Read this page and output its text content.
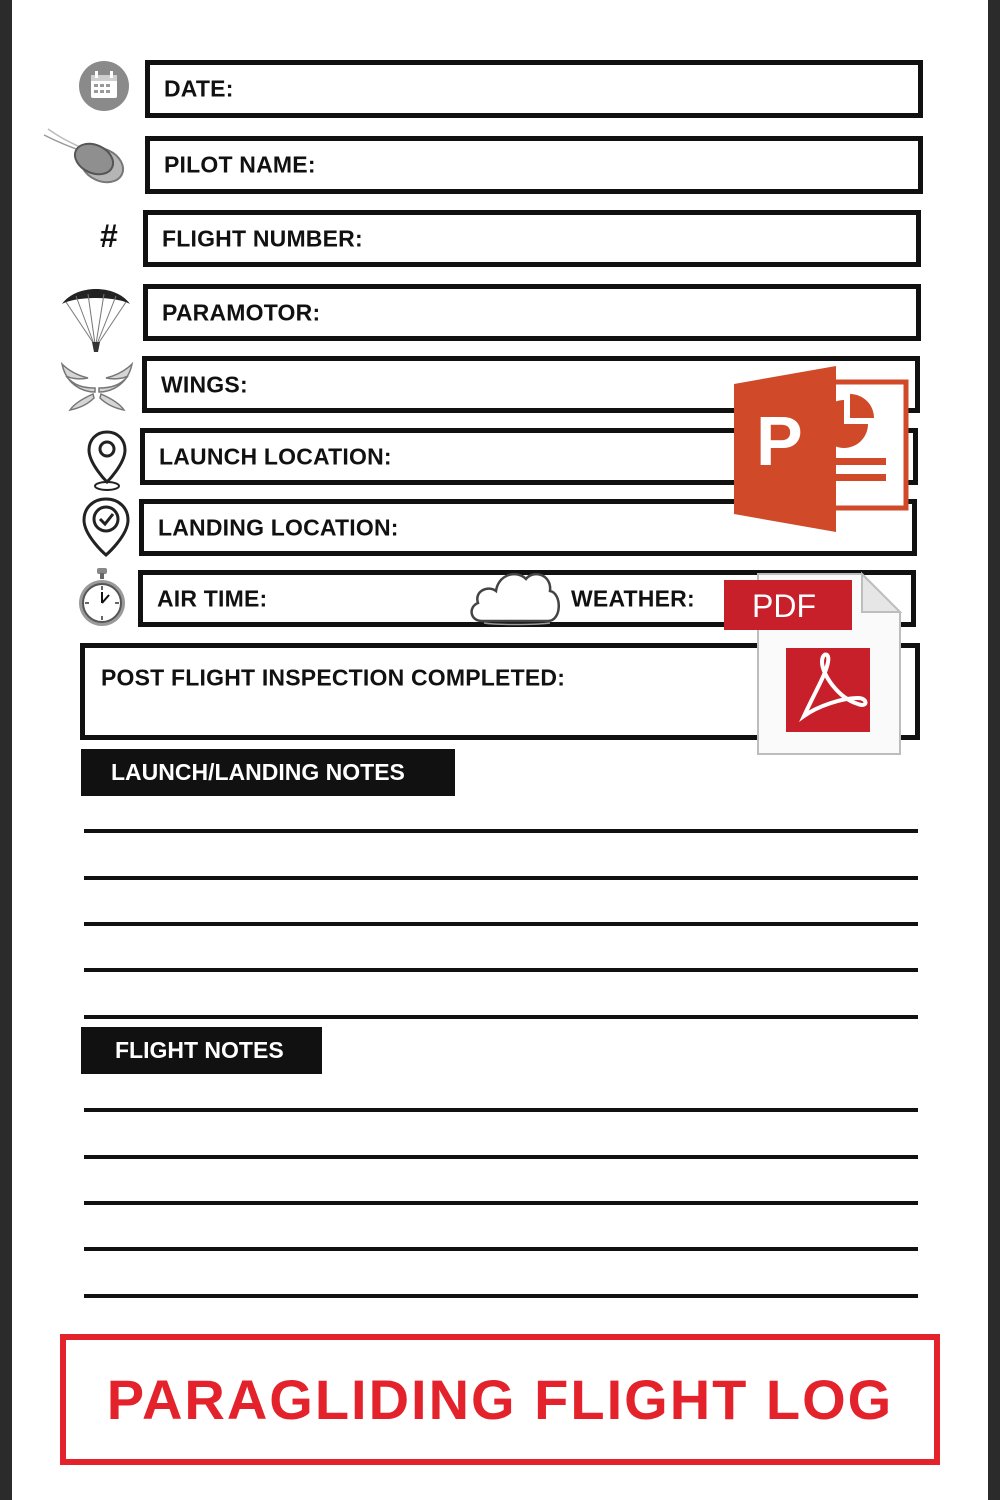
#
DATE:
PILOT NAME:
FLIGHT NUMBER:
PARAMOTOR:
WINGS:
LAUNCH LOCATION:
LANDING LOCATION:
AIR TIME:	WEATHER:
POST FLIGHT INSPECTION COMPLETED:
P
PDF
LAUNCH/LANDING NOTES
FLIGHT NOTES
PARAGLIDING FLIGHT LOG
